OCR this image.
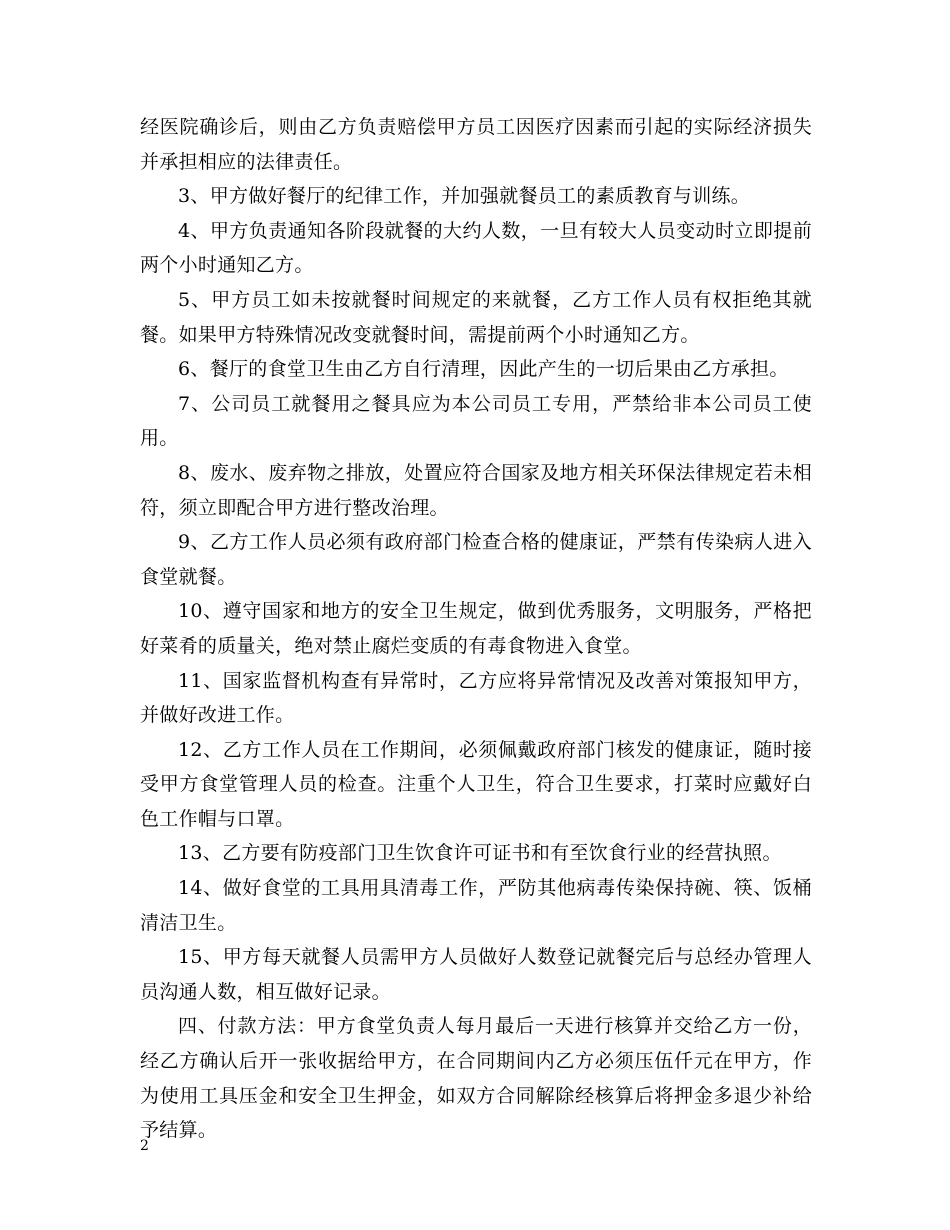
经医院确诊后，则由乙方负责赔偿甲方员工因医疗因素而引起的实际经济损失并承担相应的法律责任。

3、甲方做好餐厅的纪律工作，并加强就餐员工的素质教育与训练。

4、甲方负责通知各阶段就餐的大约人数，一旦有较大人员变动时立即提前两个小时通知乙方。

5、甲方员工如未按就餐时间规定的来就餐，乙方工作人员有权拒绝其就餐。如果甲方特殊情况改变就餐时间，需提前两个小时通知乙方。

6、餐厅的食堂卫生由乙方自行清理，因此产生的一切后果由乙方承担。

7、公司员工就餐用之餐具应为本公司员工专用，严禁给非本公司员工使用。

8、废水、废弃物之排放，处置应符合国家及地方相关环保法律规定若未相符，须立即配合甲方进行整改治理。

9、乙方工作人员必须有政府部门检查合格的健康证，严禁有传染病人进入食堂就餐。

10、遵守国家和地方的安全卫生规定，做到优秀服务，文明服务，严格把好菜肴的质量关，绝对禁止腐烂变质的有毒食物进入食堂。

11、国家监督机构查有异常时，乙方应将异常情况及改善对策报知甲方，并做好改进工作。

12、乙方工作人员在工作期间，必须佩戴政府部门核发的健康证，随时接受甲方食堂管理人员的检查。注重个人卫生，符合卫生要求，打菜时应戴好白色工作帽与口罩。

13、乙方要有防疫部门卫生饮食许可证书和有至饮食行业的经营执照。

14、做好食堂的工具用具清毒工作，严防其他病毒传染保持碗、筷、饭桶清洁卫生。

15、甲方每天就餐人员需甲方人员做好人数登记就餐完后与总经办管理人员沟通人数，相互做好记录。

四、付款方法：甲方食堂负责人每月最后一天进行核算并交给乙方一份，经乙方确认后开一张收据给甲方，在合同期间内乙方必须压伍仟元在甲方，作为使用工具压金和安全卫生押金，如双方合同解除经核算后将押金多退少补给予结算。

2
